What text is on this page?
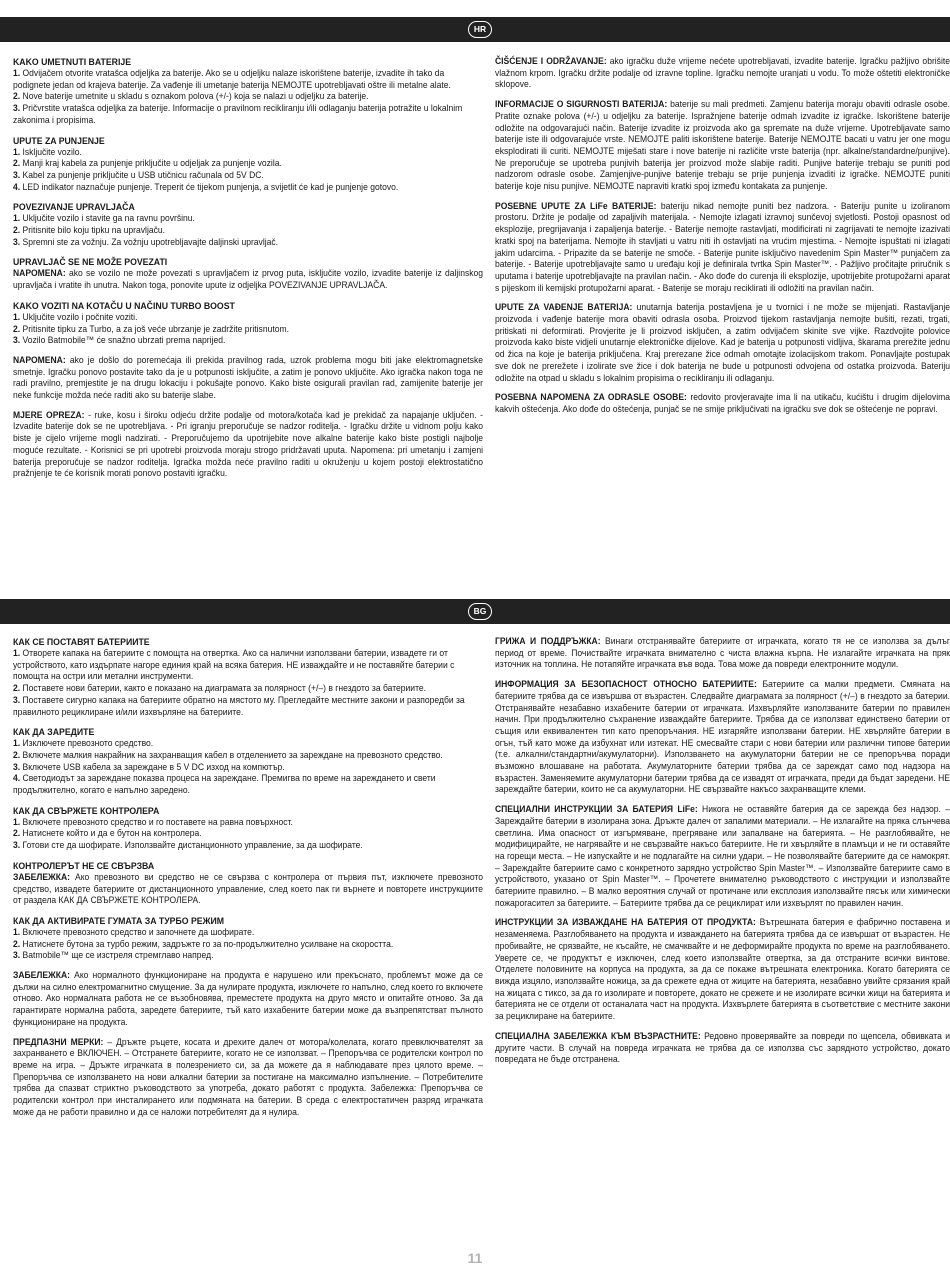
HR
KAKO UMETNUTI BATERIJE
1. Odvijačem otvorite vratašca odjeljka za baterije. Ako se u odjeljku nalaze iskorištene baterije, izvadite ih tako da podignete jedan od krajeva baterije. Za vađenje ili umetanje baterija NEMOJTE upotrebljavati oštre ili metalne alate.
2. Nove baterije umetnite u skladu s oznakom polova (+/-) koja se nalazi u odjeljku za baterije.
3. Pričvrstite vratašca odjeljka za baterije. Informacije o pravilnom recikliranju i/ili odlaganju baterija potražite u lokalnim zakonima i propisima.
UPUTE ZA PUNJENJE
1. Isključite vozilo.
2. Manji kraj kabela za punjenje priključite u odjeljak za punjenje vozila.
3. Kabel za punjenje priključite u USB utičnicu računala od 5V DC.
4. LED indikator naznačuje punjenje. Treperit će tijekom punjenja, a svijetlit će kad je punjenje gotovo.
POVEZIVANJE UPRAVLJAČA
1. Uključite vozilo i stavite ga na ravnu površinu.
2. Pritisnite bilo koju tipku na upravljaču.
3. Spremni ste za vožnju. Za vožnju upotrebljavajte daljinski upravljač.
UPRAVLJAČ SE NE MOŽE POVEZATI

NAPOMENA: ako se vozilo ne može povezati s upravljačem iz prvog puta, isključite vozilo, izvadite baterije iz daljinskog upravljača i vratite ih unutra. Nakon toga, ponovite upute iz odjeljka POVEZIVANJE UPRAVLJAČA.

KAKO VOZITI NA KOTAČU U NAČINU TURBO BOOST
1. Uključite vozilo i počnite voziti.
2. Pritisnite tipku za Turbo, a za još veće ubrzanje je zadržite pritisnutom.
3. Vozilo Batmobile™ će snažno ubrzati prema naprijed.

NAPOMENA: ako je došlo do poremećaja ili prekida pravilnog rada, uzrok problema mogu biti jake elektromagnetske smetnje. Igračku ponovo postavite tako da je u potpunosti isključite, a zatim je ponovo uključite. Ako igračka nakon toga ne radi pravilno, premjestite je na drugu lokaciju i pokušajte ponovo. Kako biste osigurali pravilan rad, zamijenite baterije jer neke funkcije možda neće raditi ako su baterije slabe.

MJERE OPREZA: - ruke, kosu i široku odjeću držite podalje od motora/kotača kad je prekidač za napajanje uključen. - Izvadite baterije dok se ne upotrebljava. - Pri igranju preporučuje se nadzor roditelja. - Igračku držite u vidnom polju kako biste je cijelo vrijeme mogli nadzirati. - Preporučujemo da upotrijebite nove alkalne baterije kako biste postigli najbolje moguće rezultate. - Korisnici se pri upotrebi proizvoda moraju strogo pridržavati uputa. Napomena: pri umetanju i zamjeni baterija preporučuje se nadzor roditelja. Igračka možda neće pravilno raditi u okruženju u kojem postoji elektrostatično pražnjenje te će korisnik morati ponovo postaviti igračku.

ČIŠĆENJE I ODRŽAVANJE: ako igračku duže vrijeme nećete upotrebljavati, izvadite baterije. Igračku pažljivo obrišite vlažnom krpom. Igračku držite podalje od izravne topline. Igračku nemojte uranjati u vodu. To može oštetiti elektroničke sklopove.

INFORMACIJE O SIGURNOSTI BATERIJA: baterije su mali predmeti. Zamjenu baterija moraju obaviti odrasle osobe. Pratite oznake polova (+/-) u odjeljku za baterije. Ispražnjene baterije odmah izvadite iz igračke. Iskorištene baterije odložite na odgovarajući način. Baterije izvadite iz proizvoda ako ga spremate na duže vrijeme. Upotrebljavate samo baterije iste ili odgovarajuće vrste. NEMOJTE paliti iskorištene baterije. Baterije NEMOJTE bacati u vatru jer one mogu eksplodirati ili curiti. NEMOJTE miješati stare i nove baterije ni različite vrste baterija (npr. alkalne/standardne/punjive). Ne preporučuje se upotreba punjivih baterija jer proizvod može slabije raditi. Punjive baterije trebaju se puniti pod nadzorom odrasle osobe. Zamjenjive-punjive baterije trebaju se prije punjenja izvaditi iz igračke. NEMOJTE puniti baterije koje nisu punjive. NEMOJTE napraviti kratki spoj između kontakata za punjenje.

POSEBNE UPUTE ZA LiFe BATERIJE: bateriju nikad nemojte puniti bez nadzora. - Bateriju punite u izoliranom prostoru. Držite je podalje od zapaljivih materijala. - Nemojte izlagati izravnoj sunčevoj svjetlosti. Postoji opasnost od eksplozije, pregrijavanja i zapaljenja baterije. - Baterije nemojte rastavljati, modificirati ni zagrijavati te nemojte izazivati kratki spoj na baterijama. Nemojte ih stavljati u vatru niti ih ostavljati na vrućim mjestima. - Nemojte ispuštati ni izlagati jakim udarcima. - Pripazite da se baterije ne smoče. - Baterije punite isključivo navedenim Spin Master™ punjačem za baterije. - Baterije upotrebljavajte samo u uređaju koji je definirala tvrtka Spin Master™. - Pažljivo pročitajte priručnik s uputama i baterije upotrebljavajte na pravilan način. - Ako dođe do curenja ili eksplozije, upotrijebite protupožarni aparat s pijeskom ili kemijski protupožarni aparat. - Baterije se moraju reciklirati ili odložiti na pravilan način.

UPUTE ZA VAĐENJE BATERIJA: unutarnja baterija postavljena je u tvornici i ne može se mijenjati. Rastavljanje proizvoda i vađenje baterije mora obaviti odrasla osoba. Proizvod tijekom rastavljanja nemojte bušiti, rezati, trgati, pritiskati ni deformirati. Provjerite je li proizvod isključen, a zatim odvijačem skinite sve vijke. Razdvojite polovice proizvoda kako biste vidjeli unutarnje elektroničke dijelove. Kad je baterija u potpunosti vidljiva, škarama prerežite jednu od žica na koje je baterija priključena. Kraj prerezane žice odmah omotajte izolacijskom trakom. Ponavljajte postupak sve dok ne prerežete i izolirate sve žice i dok baterija ne bude u potpunosti odvojena od ostatka proizvoda. Bateriju odložite na otpad u skladu s lokalnim propisima o recikliranju ili odlaganju.

POSEBNA NAPOMENA ZA ODRASLE OSOBE: redovito provjeravajte ima li na utikaču, kućištu i drugim dijelovima kakvih oštećenja. Ako dođe do oštećenja, punjač se ne smije priključivati na igračku sve dok se oštećenje ne popravi.

BG
КАК СЕ ПОСТАВЯТ БАТЕРИИТЕ
1. Отворете капака на батериите с помощта на отвертка. Ако са налични използвани батерии, извадете ги от устройството, като издърпате нагоре единия край на всяка батерия. НЕ изваждайте и не поставяйте батерии с помощта на остри или метални инструменти.
2. Поставете нови батерии, както е показано на диаграмата за полярност (+/–) в гнездото за батериите.
3. Поставете сигурно капака на батериите обратно на мястото му. Прегледайте местните закони и разпоредби за правилното рециклиране и/или изхвърляне на батериите.
КАК ДА ЗАРЕДИТЕ
1. Изключете превозното средство.
2. Включете малкия накрайник на захранващия кабел в отделението за зареждане на превозното средство.
3. Включете USB кабела за зареждане в 5 V DC изход на компютър.
4. Светодиодът за зареждане показва процеса на зареждане. Премигва по време на зареждането и свети продължително, когато е напълно заредено.
КАК ДА СВЪРЖЕТЕ КОНТРОЛЕРА
1. Включете превозното средство и го поставете на равна повърхност.
2. Натиснете който и да е бутон на контролера.
3. Готови сте да шофирате. Използвайте дистанционното управление, за да шофирате.
КОНТРОЛЕРЪТ НЕ СЕ СВЪРЗВА

ЗАБЕЛЕЖКА: Ако превозното ви средство не се свързва с контролера от първия път, изключете превозното средство, извадете батериите от дистанционното управление, след което пак ги върнете и повторете инструкциите от раздела КАК ДА СВЪРЖЕТЕ КОНТРОЛЕРА.

КАК ДА АКТИВИРАТЕ ГУМАТА ЗА ТУРБО РЕЖИМ
1. Включете превозното средство и започнете да шофирате.
2. Натиснете бутона за турбо режим, задръжте го за по-продължително усилване на скоростта.
3. Batmobile™ ще се изстреля стремглаво напред.

ЗАБЕЛЕЖКА: Ако нормалното функциониране на продукта е нарушено или прекъснато, проблемът може да се дължи на силно електромагнитно смущение. За да нулирате продукта, изключете го напълно, след което го включете отново. Ако нормалната работа не се възобновява, преместете продукта на друго място и опитайте отново. За да гарантирате нормална работа, заредете батериите, тъй като изхабените батерии може да възпрепятстват пълното функциониране на продукта.

ПРЕДПАЗНИ МЕРКИ: – Дръжте ръцете, косата и дрехите далеч от мотора/колелата, когато превключвателят за захранването е ВКЛЮЧЕН. – Отстранете батериите, когато не се използват. – Препоръчва се родителски контрол по време на игра. – Дръжте играчката в полезрението си, за да можете да я наблюдавате през цялото време. – Препоръчва се използването на нови алкални батерии за постигане на максимално изпълнение. – Потребителите трябва да спазват стриктно ръководството за употреба, докато работят с продукта. Забележка: Препоръчва се родителски контрол при инсталирането или подмяната на батерии. В среда с електростатичен разряд играчката може да не работи правилно и да се наложи потребителят да я нулира.

ГРИЖА И ПОДДРЪЖКА: Винаги отстранявайте батериите от играчката, когато тя не се използва за дълъг период от време. Почиствайте играчката внимателно с чиста влажна кърпа. Не излагайте играчката на пряк източник на топлина. Не потапяйте играчката във вода. Това може да повреди електронните модули.

ИНФОРМАЦИЯ ЗА БЕЗОПАСНОСТ ОТНОСНО БАТЕРИИТЕ: Батериите са малки предмети. Смяната на батериите трябва да се извършва от възрастен. Следвайте диаграмата за полярност (+/–) в гнездото за батерии. Отстранявайте незабавно изхабените батерии от играчката. Изхвърляйте използваните батерии по правилен начин. При продължително съхранение изваждайте батериите. Трябва да се използват единствено батерии от същия или еквивалентен тип като препоръчания. НЕ изгаряйте използвани батерии. НЕ хвърляйте батерии в огън, тъй като може да избухнат или изтекат. НЕ смесвайте стари с нови батерии или различни типове батерии (т.е. алкални/стандартни/акумулаторни). Използването на акумулаторни батерии не се препоръчва поради възможно влошаване на работата. Акумулаторните батерии трябва да се зареждат само под надзора на възрастен. Заменяемите акумулаторни батерии трябва да се извадят от играчката, преди да бъдат заредени. НЕ зареждайте батерии, които не са акумулаторни. НЕ свързвайте накъсо захранващите клеми.

СПЕЦИАЛНИ ИНСТРУКЦИИ ЗА БАТЕРИЯ LiFe: Никога не оставяйте батерия да се зарежда без надзор. – Зареждайте батерии в изолирана зона. Дръжте далеч от запалими материали. – Не излагайте на пряка слънчева светлина. Има опасност от изгърмяване, прегряване или запалване на батерията. – Не разглобявайте, не модифицирайте, не нагрявайте и не свързвайте накъсо батериите. Не ги хвърляйте в пламъци и не ги оставяйте на горещи места. – Не изпускайте и не подлагайте на силни удари. – Не позволявайте батериите да се намокрят. – Зареждайте батериите само с конкретното зарядно устройство Spin Master™. – Използвайте батериите само в устройството, указано от Spin Master™. – Прочетете внимателно ръководството с инструкции и използвайте батериите правилно. – В малко вероятния случай от протичане или експлозия използвайте пясък или химически пожарогасител за батериите. – Батериите трябва да се рециклират или изхвърлят по правилен начин.

ИНСТРУКЦИИ ЗА ИЗВАЖДАНЕ НА БАТЕРИЯ ОТ ПРОДУКТА: Вътрешната батерия е фабрично поставена и незаменяема. Разглобяването на продукта и изваждането на батерията трябва да се извършат от възрастен. Не пробивайте, не срязвайте, не късайте, не смачквайте и не деформирайте продукта по време на разглобяването. Уверете се, че продуктът е изключен, след което използвайте отвертка, за да отстраните всички винтове. Отделете половините на корпуса на продукта, за да се покаже вътрешната електроника. Когато батерията се вижда изцяло, използвайте ножица, за да срежете една от жиците на батерията, незабавно увийте срязания край на жицата с тиксо, за да го изолирате и повторете, докато не срежете и не изолирате всички жици на батерията и батерията не се отдели от останалата част на продукта. Изхвърлете батерията в съответствие с местните закони за рециклиране на батериите.

СПЕЦИАЛНА ЗАБЕЛЕЖКА КЪМ ВЪЗРАСТНИТЕ: Редовно проверявайте за повреди по щепсела, обвивката и другите части. В случай на повреда играчката не трябва да се използва със зарядното устройство, докато повредата не бъде отстранена.

11
